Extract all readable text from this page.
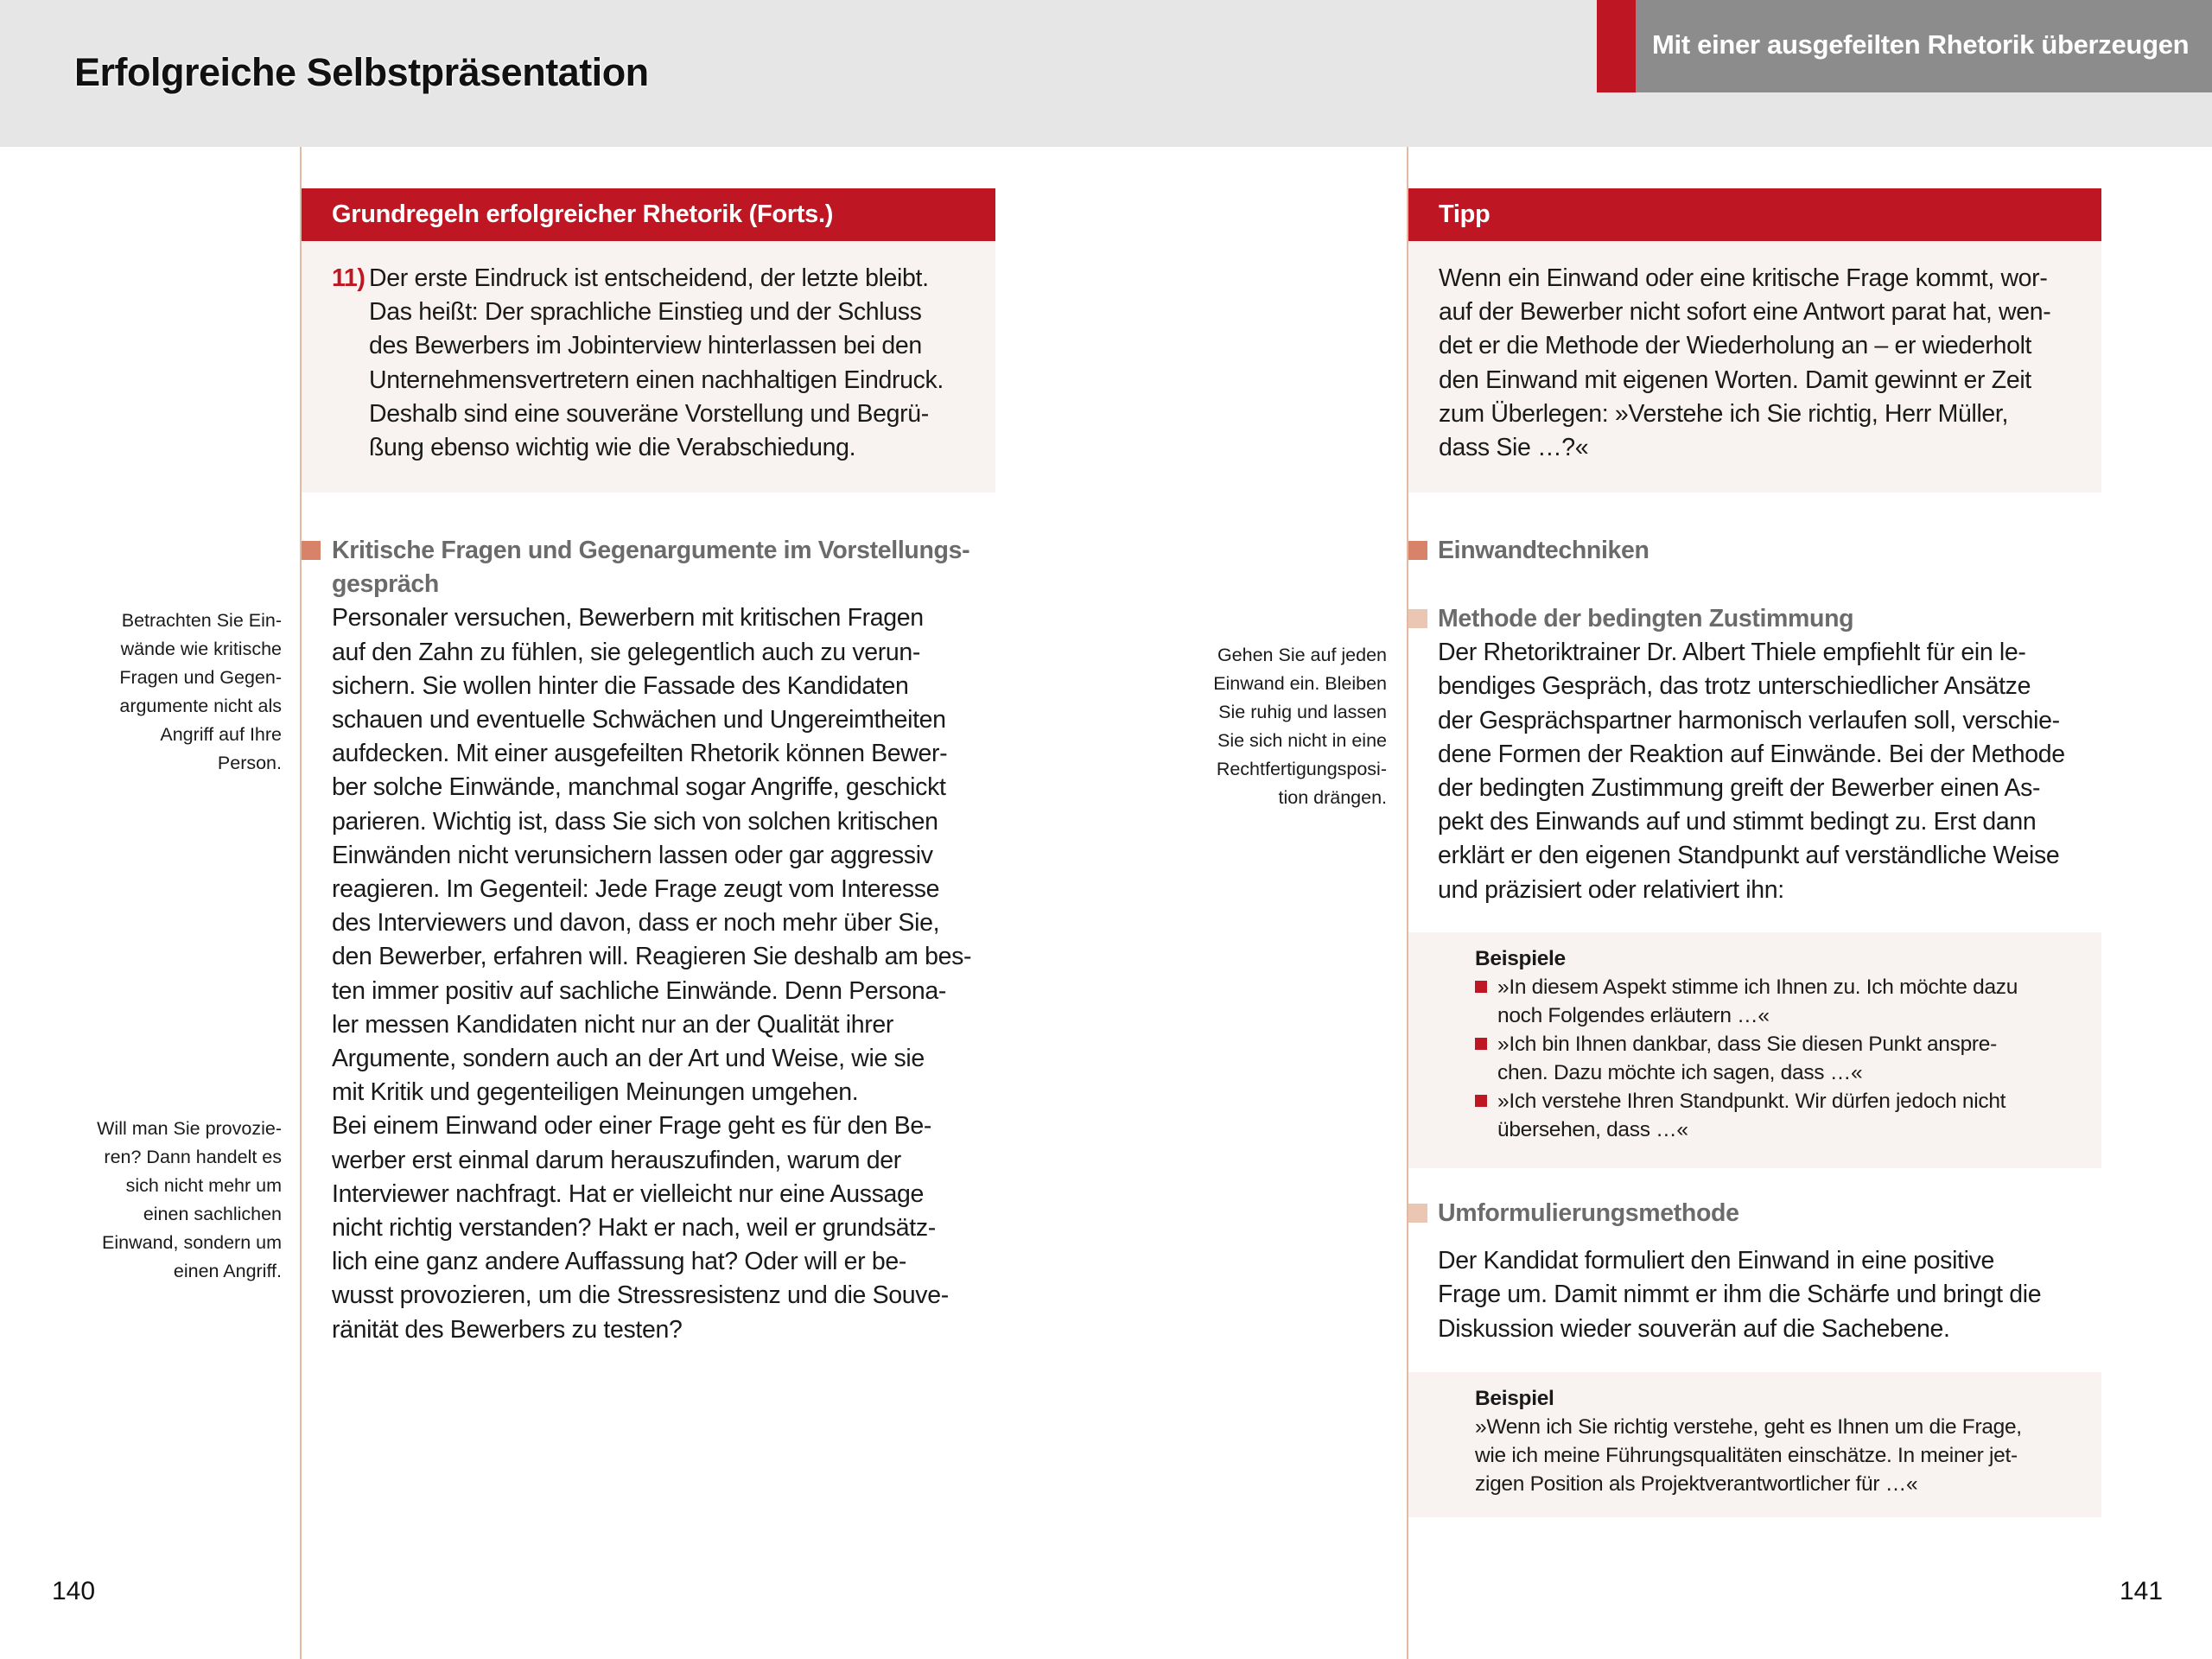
Erfolgreiche Selbstpräsentation
Mit einer ausgefeilten Rhetorik überzeugen
Grundregeln erfolgreicher Rhetorik (Forts.)
11) Der erste Eindruck ist entscheidend, der letzte bleibt.
Das heißt: Der sprachliche Einstieg und der Schluss
des Bewerbers im Jobinterview hinterlassen bei den
Unternehmensvertretern einen nachhaltigen Eindruck.
Deshalb sind eine souveräne Vorstellung und Begrü-
ßung ebenso wichtig wie die Verabschiedung.
Kritische Fragen und Gegenargumente im Vorstellungs-
gespräch
Personaler versuchen, Bewerbern mit kritischen Fragen
auf den Zahn zu fühlen, sie gelegentlich auch zu verun-
sichern. Sie wollen hinter die Fassade des Kandidaten
schauen und eventuelle Schwächen und Ungereimtheiten
aufdecken. Mit einer ausgefeilten Rhetorik können Bewer-
ber solche Einwände, manchmal sogar Angriffe, geschickt
parieren. Wichtig ist, dass Sie sich von solchen kritischen
Einwänden nicht verunsichern lassen oder gar aggressiv
reagieren. Im Gegenteil: Jede Frage zeugt vom Interesse
des Interviewers und davon, dass er noch mehr über Sie,
den Bewerber, erfahren will. Reagieren Sie deshalb am bes-
ten immer positiv auf sachliche Einwände. Denn Persona-
ler messen Kandidaten nicht nur an der Qualität ihrer
Argumente, sondern auch an der Art und Weise, wie sie
mit Kritik und gegenteiligen Meinungen umgehen.
Bei einem Einwand oder einer Frage geht es für den Be-
werber erst einmal darum herauszufinden, warum der
Interviewer nachfragt. Hat er vielleicht nur eine Aussage
nicht richtig verstanden? Hakt er nach, weil er grundsätz-
lich eine ganz andere Auffassung hat? Oder will er be-
wusst provozieren, um die Stressresistenz und die Souve-
ränität des Bewerbers zu testen?
Betrachten Sie Ein-
wände wie kritische
Fragen und Gegen-
argumente nicht als
Angriff auf Ihre
Person.
Will man Sie provozie-
ren? Dann handelt es
sich nicht mehr um
einen sachlichen
Einwand, sondern um
einen Angriff.
140
Tipp
Wenn ein Einwand oder eine kritische Frage kommt, wor-
auf der Bewerber nicht sofort eine Antwort parat hat, wen-
det er die Methode der Wiederholung an – er wiederholt
den Einwand mit eigenen Worten. Damit gewinnt er Zeit
zum Überlegen: »Verstehe ich Sie richtig, Herr Müller,
dass Sie …?«
Einwandtechniken
Methode der bedingten Zustimmung
Der Rhetoriktrainer Dr. Albert Thiele empfiehlt für ein le-
bendiges Gespräch, das trotz unterschiedlicher Ansätze
der Gesprächspartner harmonisch verlaufen soll, verschie-
dene Formen der Reaktion auf Einwände. Bei der Methode
der bedingten Zustimmung greift der Bewerber einen As-
pekt des Einwands auf und stimmt bedingt zu. Erst dann
erklärt er den eigenen Standpunkt auf verständliche Weise
und präzisiert oder relativiert ihn:
Beispiele
»In diesem Aspekt stimme ich Ihnen zu. Ich möchte dazu
noch Folgendes erläutern …«
»Ich bin Ihnen dankbar, dass Sie diesen Punkt anspre-
chen. Dazu möchte ich sagen, dass …«
»Ich verstehe Ihren Standpunkt. Wir dürfen jedoch nicht
übersehen, dass …«
Umformulierungsmethode
Der Kandidat formuliert den Einwand in eine positive
Frage um. Damit nimmt er ihm die Schärfe und bringt die
Diskussion wieder souverän auf die Sachebene.
Beispiel
»Wenn ich Sie richtig verstehe, geht es Ihnen um die Frage,
wie ich meine Führungsqualitäten einschätze. In meiner jet-
zigen Position als Projektverantwortlicher für …«
Gehen Sie auf jeden
Einwand ein. Bleiben
Sie ruhig und lassen
Sie sich nicht in eine
Rechtfertigungsposi-
tion drängen.
141
